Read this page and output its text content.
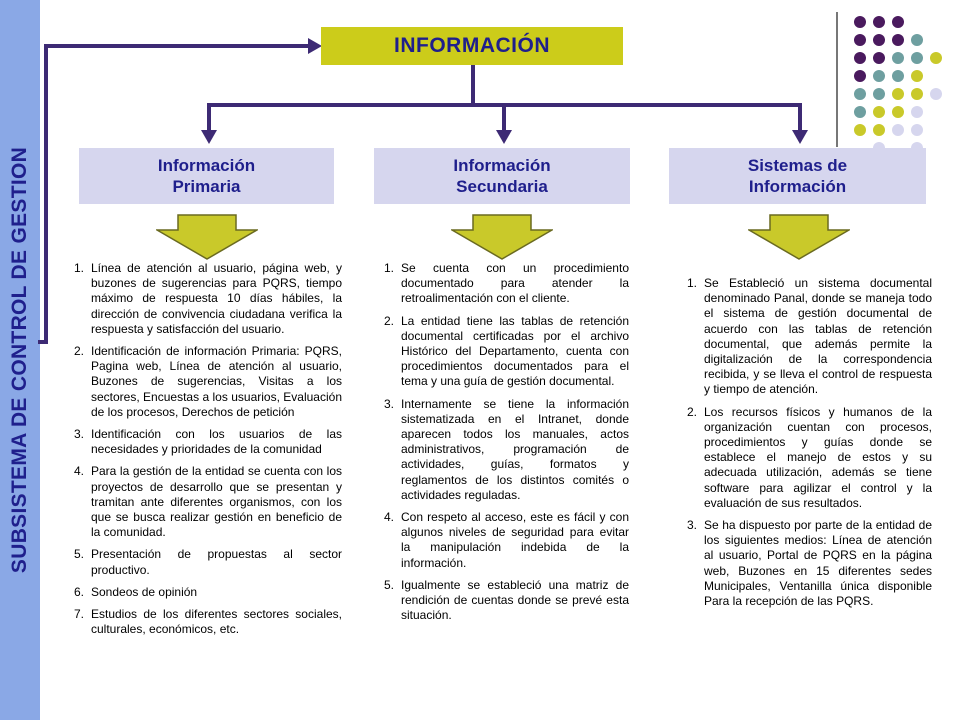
SUBSISTEMA DE CONTROL DE GESTION
INFORMACIÓN
Información
Primaria
Información
Secundaria
Sistemas de
Información
1. Línea de atención al usuario, página web, y buzones de sugerencias para PQRS, tiempo máximo de respuesta 10 días hábiles, la dirección de convivencia ciudadana verifica la respuesta y satisfacción del usuario.
2. Identificación de información Primaria: PQRS, Pagina web, Línea de atención al usuario, Buzones de sugerencias, Visitas a los sectores, Encuestas a los usuarios, Evaluación de los procesos, Derechos de petición
3. Identificación con los usuarios de las necesidades y prioridades de la comunidad
4. Para la gestión de la entidad se cuenta con los proyectos de desarrollo que se presentan y tramitan ante diferentes organismos, con los que se busca realizar gestión en beneficio de la comunidad.
5. Presentación de propuestas al sector productivo.
6. Sondeos de opinión
7. Estudios de los diferentes sectores sociales, culturales, económicos, etc.
1. Se cuenta con un procedimiento documentado para atender la retroalimentación con el cliente.
2. La entidad tiene las tablas de retención documental certificadas por el archivo Histórico del Departamento, cuenta con procedimientos documentados para el tema y una guía de gestión documental.
3. Internamente se tiene la información sistematizada en el Intranet, donde aparecen todos los manuales, actos administrativos, programación de actividades, guías, formatos y reglamentos de los distintos comités o actividades reguladas.
4. Con respeto al acceso, este es fácil y con algunos niveles de seguridad para evitar la manipulación indebida de la información.
5. Igualmente se estableció una matriz de rendición de cuentas donde se prevé esta situación.
1. Se Estableció un sistema documental denominado Panal, donde se maneja todo el sistema de gestión documental de acuerdo con las tablas de retención documental, que además permite la digitalización de la correspondencia recibida, y se lleva el control de respuesta y tiempo de atención.
2. Los recursos físicos y humanos de la organización cuentan con procesos, procedimientos y guías donde se establece el manejo de estos y su adecuada utilización, además se tiene software para agilizar el control y la evaluación de sus resultados.
3. Se ha dispuesto por parte de la entidad de los siguientes medios: Línea de atención al usuario, Portal de PQRS en la página web, Buzones en 15 diferentes sedes Municipales, Ventanilla única disponible Para la recepción de las PQRS.
